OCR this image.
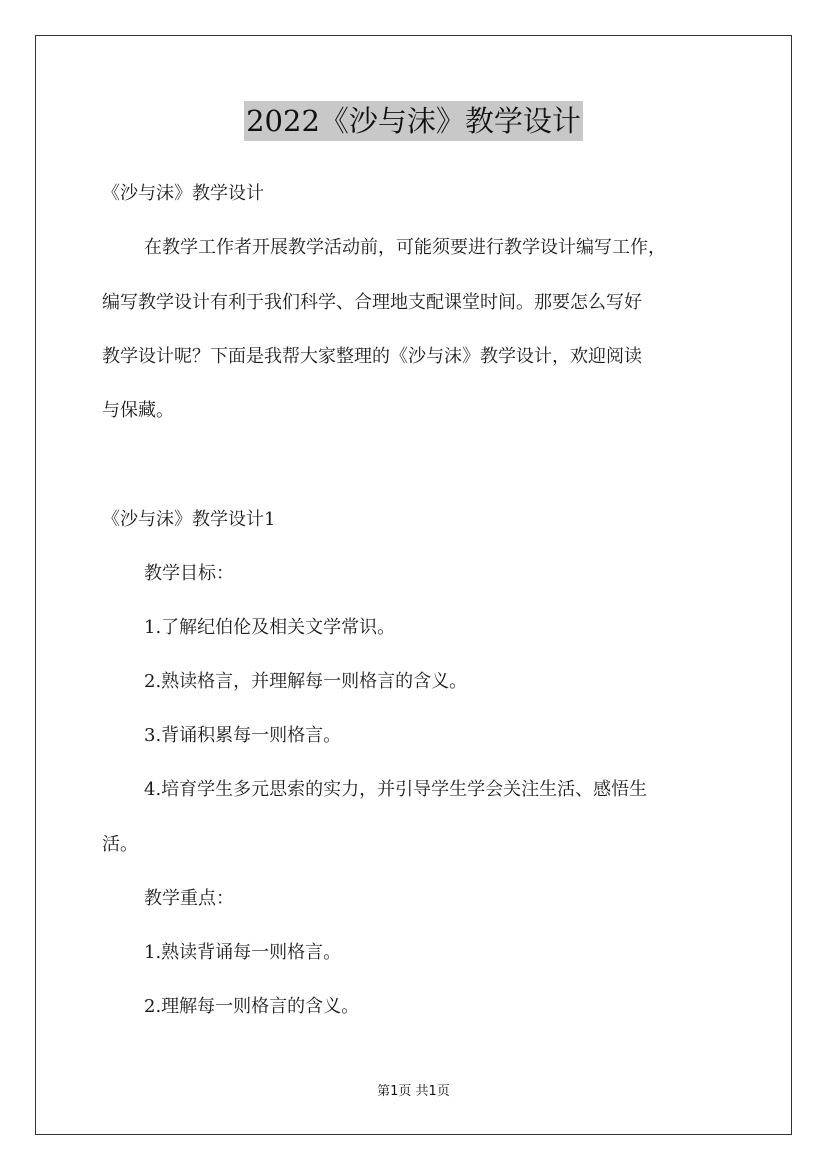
2022《沙与沫》教学设计
《沙与沫》教学设计
在教学工作者开展教学活动前，可能须要进行教学设计编写工作，
编写教学设计有利于我们科学、合理地支配课堂时间。那要怎么写好
教学设计呢？下面是我帮大家整理的《沙与沫》教学设计，欢迎阅读
与保藏。
《沙与沫》教学设计1
教学目标：
1.了解纪伯伦及相关文学常识。
2.熟读格言，并理解每一则格言的含义。
3.背诵积累每一则格言。
4.培育学生多元思索的实力，并引导学生学会关注生活、感悟生
活。
教学重点：
1.熟读背诵每一则格言。
2.理解每一则格言的含义。
第1页 共1页
